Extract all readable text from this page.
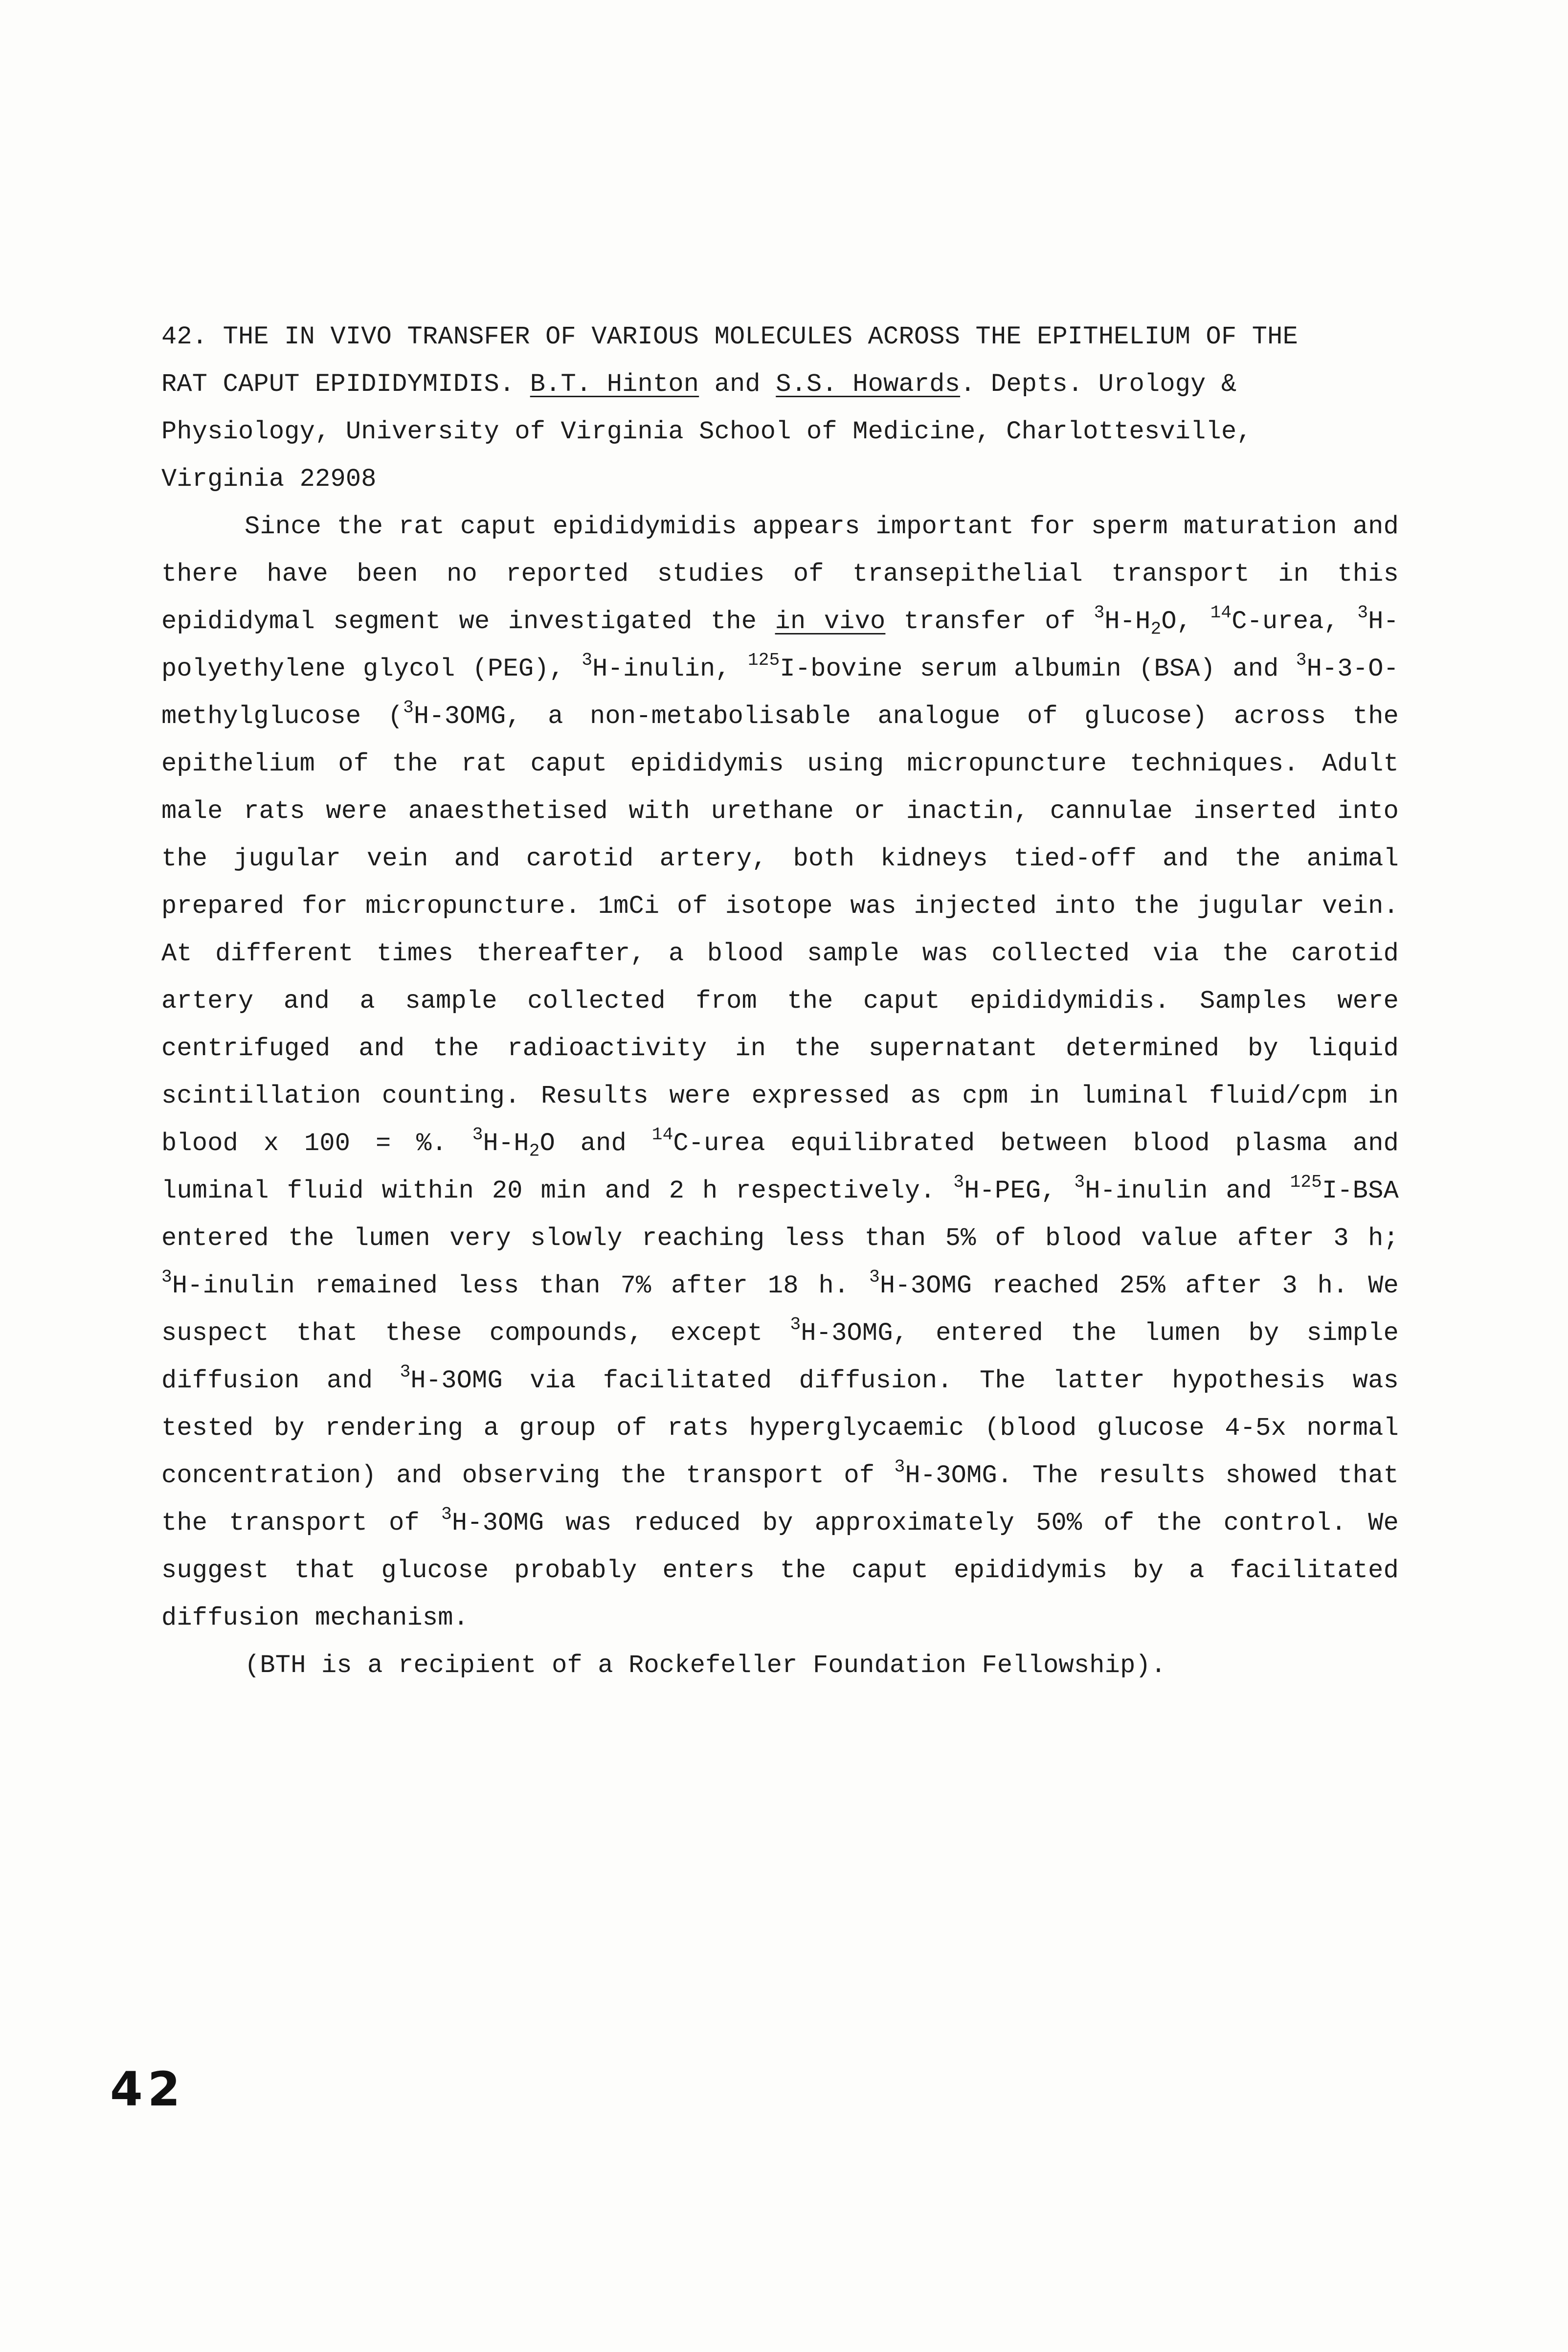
42. THE IN VIVO TRANSFER OF VARIOUS MOLECULES ACROSS THE EPITHELIUM OF THE

RAT CAPUT EPIDIDYMIDIS. B.T. Hinton and S.S. Howards. Depts. Urology &

Physiology, University of Virginia School of Medicine, Charlottesville,

Virginia 22908

Since the rat caput epididymidis appears important for sperm maturation and there have been no reported studies of transepithelial transport in this epididymal segment we investigated the in vivo transfer of $^3H-H_2O$, $^{14}$C-urea, $^3$H-polyethylene glycol (PEG), $^3$H-inulin, $^{125}$I-bovine serum albumin (BSA) and $^3$H-3-O-methylglucose ($^3$H-3OMG, a non-metabolisable analogue of glucose) across the epithelium of the rat caput epididymis using micropuncture techniques. Adult male rats were anaesthetised with urethane or inactin, cannulae inserted into the jugular vein and carotid artery, both kidneys tied-off and the animal prepared for micropuncture. 1mCi of isotope was injected into the jugular vein. At different times thereafter, a blood sample was collected via the carotid artery and a sample collected from the caput epididymidis. Samples were centrifuged and the radioactivity in the supernatant determined by liquid scintillation counting. Results were expressed as cpm in luminal fluid/cpm in blood x 100 = %. $^3H-H_2O$ and $^{14}$C-urea equilibrated between blood plasma and luminal fluid within 20 min and 2 h respectively. $^3$H-PEG, $^3$H-inulin and $^{125}$I-BSA entered the lumen very slowly reaching less than 5% of blood value after 3 h; $^3$H-inulin remained less than 7% after 18 h. $^3$H-3OMG reached 25% after 3 h. We suspect that these compounds, except $^3$H-3OMG, entered the lumen by simple diffusion and $^3$H-3OMG via facilitated diffusion. The latter hypothesis was tested by rendering a group of rats hyperglycaemic (blood glucose 4-5x normal concentration) and observing the transport of $^3$H-3OMG. The results showed that the transport of $^3$H-3OMG was reduced by approximately 50% of the control. We suggest that glucose probably enters the caput epididymis by a facilitated diffusion mechanism.

(BTH is a recipient of a Rockefeller Foundation Fellowship).

42
